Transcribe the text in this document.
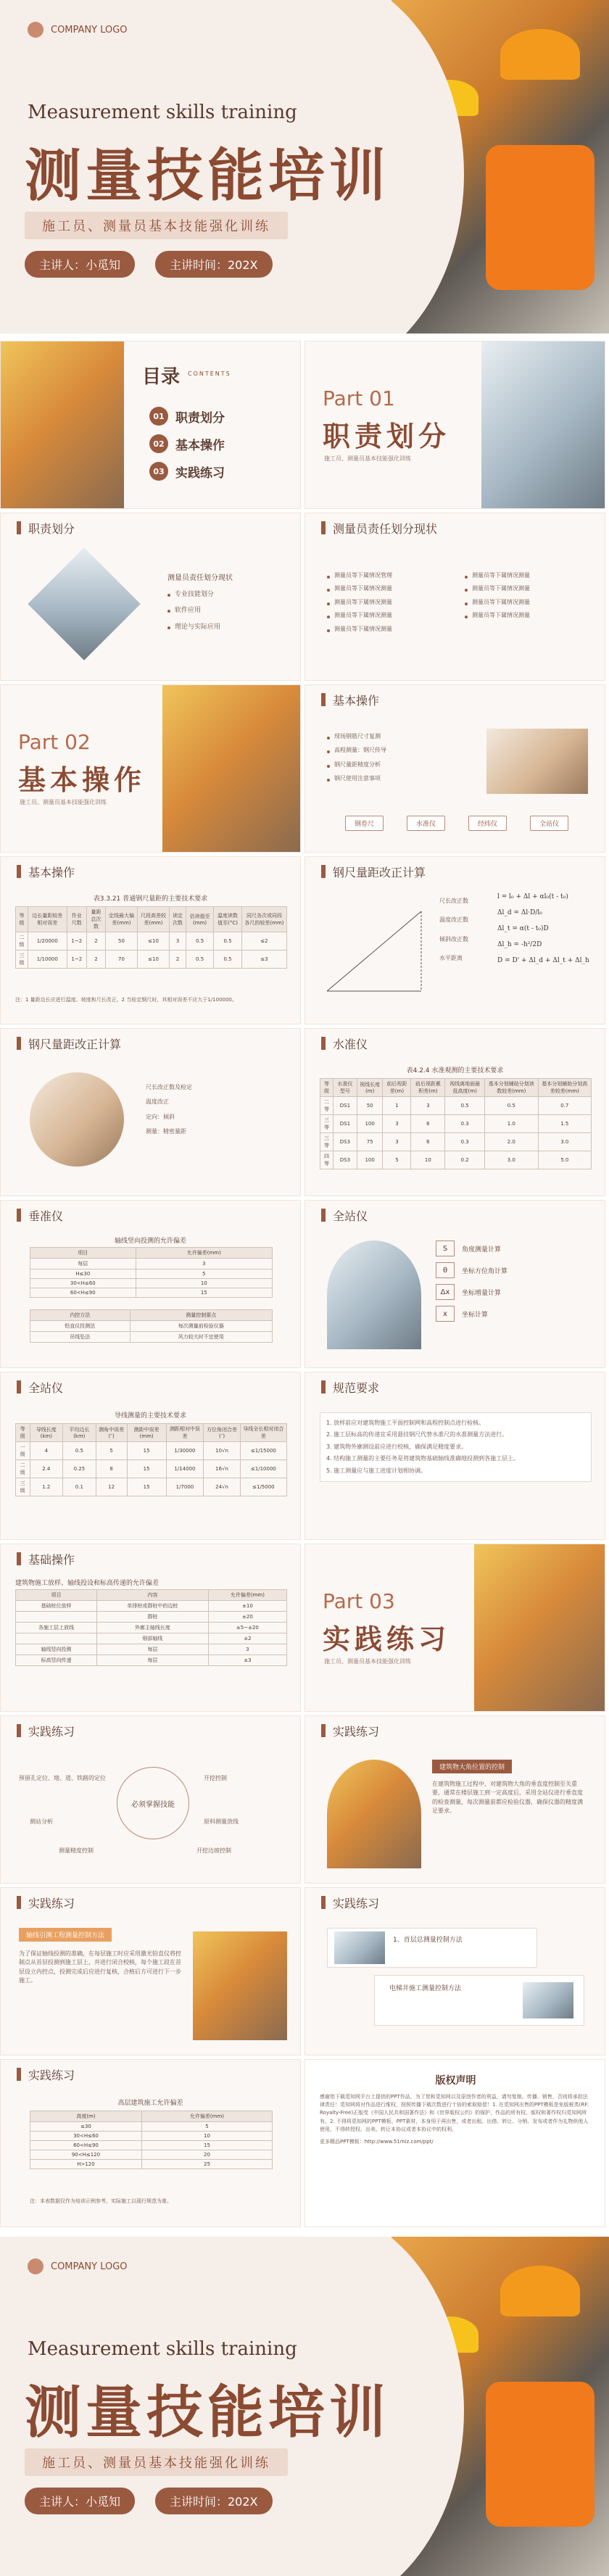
COMPANY LOGO
Measurement skills training
测量技能培训
施工员、测量员基本技能强化训练
主讲人：小觅知	主讲时间：202X
目录 CONTENTS
01 职责划分
02 基本操作
03 实践练习
Part 01
职责划分
施工员、测量员基本技能强化训练
职责划分
测量员责任划分现状
专业技能划分
软件应用
理论与实际应用
测量员责任划分现状
测量员等下属情况管理
测量员等下属情况测量
测量员等下属情况测量
测量员等下属情况测量
测量员等下属情况测量
测量员等下属情况测量
测量员等下属情况测量
测量员等下属情况测量
测量员等下属情况测量
Part 02
基本操作
施工员、测量员基本技能强化训练
基本操作
现场钢筋尺寸复测
高程测量：钢尺传导
钢尺量距精度分析
钢尺使用注意事项
钢卷尺	水准仪	经纬仪	全站仪
基本操作
表3.3.21 普通钢尺量距的主要技术要求
等级	边长量距较差相对误差	作业尺数	量距总次数	定线最大偏差(mm)	尺段高差较差(mm)	读定次数	估读值至(mm)	温度读数值至(°C)	同尺各次或同段各尺的较差(mm)
二级	1/20000	1~2	2	50	≤10	3	0.5	0.5	≤2
三级	1/10000	1~2	2	70	≤10	2	0.5	0.5	≤3
注：1 量距边长应进行温度、坡度和尺长改正。2 当检定钢尺时，其相对误差不应大于1/100000。
钢尺量距改正计算
尺长改正数
温度改正数
倾斜改正数
水平距离
l = l₀ + Δl + αl₀(t - t₀)
Δl_d = Δl·D/l₀
Δl_t = α(t - t₀)D
Δl_h = -h²/2D
D = D' + Δl_d + Δl_t + Δl_h
钢尺量距改正计算
尺长改正数及检定
温度改正
定向：倾斜
测量：精密量距
水准仪
表4.2.4 水准观测的主要技术要求
等级	水准仪型号	视线长度(m)	前后视距差(m)	前后视距累积差(m)	视线离地面最低高度(m)	基本分划辅助分划读数较差(mm)	基本分划辅助分划高差较差(mm)
二等	DS1	50	1	3	0.5	0.5	0.7
三等	DS1	100	3	6	0.3	1.0	1.5
三等	DS3	75	3	6	0.3	2.0	3.0
四等	DS3	100	5	10	0.2	3.0	5.0
垂准仪
轴线竖向投测的允许偏差
项目	允许偏差(mm)
每层	3
H≤30	5
30<H≤60	10
60<H≤90	15
内控方法	测量控制要点
铅直仪投测法	每次测量前检验仪器
吊线坠法	风力较大时不宜使用
全站仪
S	角度测量计算
θ	坐标方位角计算
Δx	坐标增量计算
x	坐标计算
全站仪
导线测量的主要技术要求
等级	导线长度(km)	平均边长(km)	测角中误差(″)	测距中误差(mm)	测距相对中误差	方位角闭合差(″)	导线全长相对闭合差
一级	4	0.5	5	15	1/30000	10√n	≤1/15000
二级	2.4	0.25	8	15	1/14000	16√n	≤1/10000
三级	1.2	0.1	12	15	1/7000	24√n	≤1/5000
规范要求
1. 放样前应对建筑物施工平面控制网和高程控制点进行检核。
2. 施工层标高的传递宜采用悬挂钢尺代替水准尺的水准测量方法进行。
3. 建筑物外廓测设前应进行校核，确保满足精度要求。
4. 结构施工测量的主要任务是将建筑物基础轴线准确地投测到各施工层上。
5. 施工测量应与施工进度计划相协调。
基础操作
建筑物施工放样、轴线投设和标高传递的允许偏差
项目	内容	允许偏差(mm)
基础桩位放样	单排桩或群桩中的边桩	±10
	群桩	±20
各施工层上放线	外廓主轴线长度	±5~±20
	细部轴线	±2
轴线竖向投测	每层	3
标高竖向传递	每层	±3
Part 03
实践练习
施工员、测量员基本技能强化训练
实践练习
必须掌握技能
预留孔定位、地、道、铁路的定位
测站分析
测量精度控制
开挖控制
原料测量放线
开挖边坡控制
实践练习
建筑物大角位置的控制
在建筑物施工过程中，对建筑物大角的垂直度控制至关重要，通常在楼层施工到一定高度后，采用全站仪进行垂直度的检查测量，每次测量前都应检验仪器，确保仪器的精度满足要求。
实践练习
轴线引测工程测量控制方法
为了保证轴线投测的准确，在每层施工时应采用激光铅直仪将控制点从首层投测到施工层上，并进行闭合校核，每个施工段在首层设立内控点，投测完成后应进行复核，合格后方可进行下一步施工。
实践练习
1、首层总测量控制方法
电梯井施工测量控制方法
实践练习
高层建筑施工允许偏差
高度(m)	允许偏差(mm)
≤30	5
30<H≤60	10
60<H≤90	15
90<H≤120	20
H>120	25
注：本表数据仅作为培训示例参考，实际施工以现行规范为准。
版权声明
感谢您下载觅知网平台上提供的PPT作品，为了您和觅知网以及原创作者的利益，请勿复制、传播、销售，否则将承担法律责任！觅知网将对作品进行维权，按照传播下载次数进行十倍的索取赔偿！1. 在觅知网出售的PPT模板是免版税类(RF: Royalty-Free)正版受《中国人民共和国著作法》和《世界版权公约》的保护，作品的所有权、版权和著作权归觅知网所有。2. 不得将觅知网的PPT模板、PPT素材，本身用于再出售，或者出租、出借、转让、分销、发布或者作为礼物供他人使用，不得转授权、出卖、转让本协议或者本协议中的权利。
更多精品PPT模板：http://www.51miz.com/ppt/
COMPANY LOGO
Measurement skills training
测量技能培训
施工员、测量员基本技能强化训练
主讲人：小觅知	主讲时间：202X
